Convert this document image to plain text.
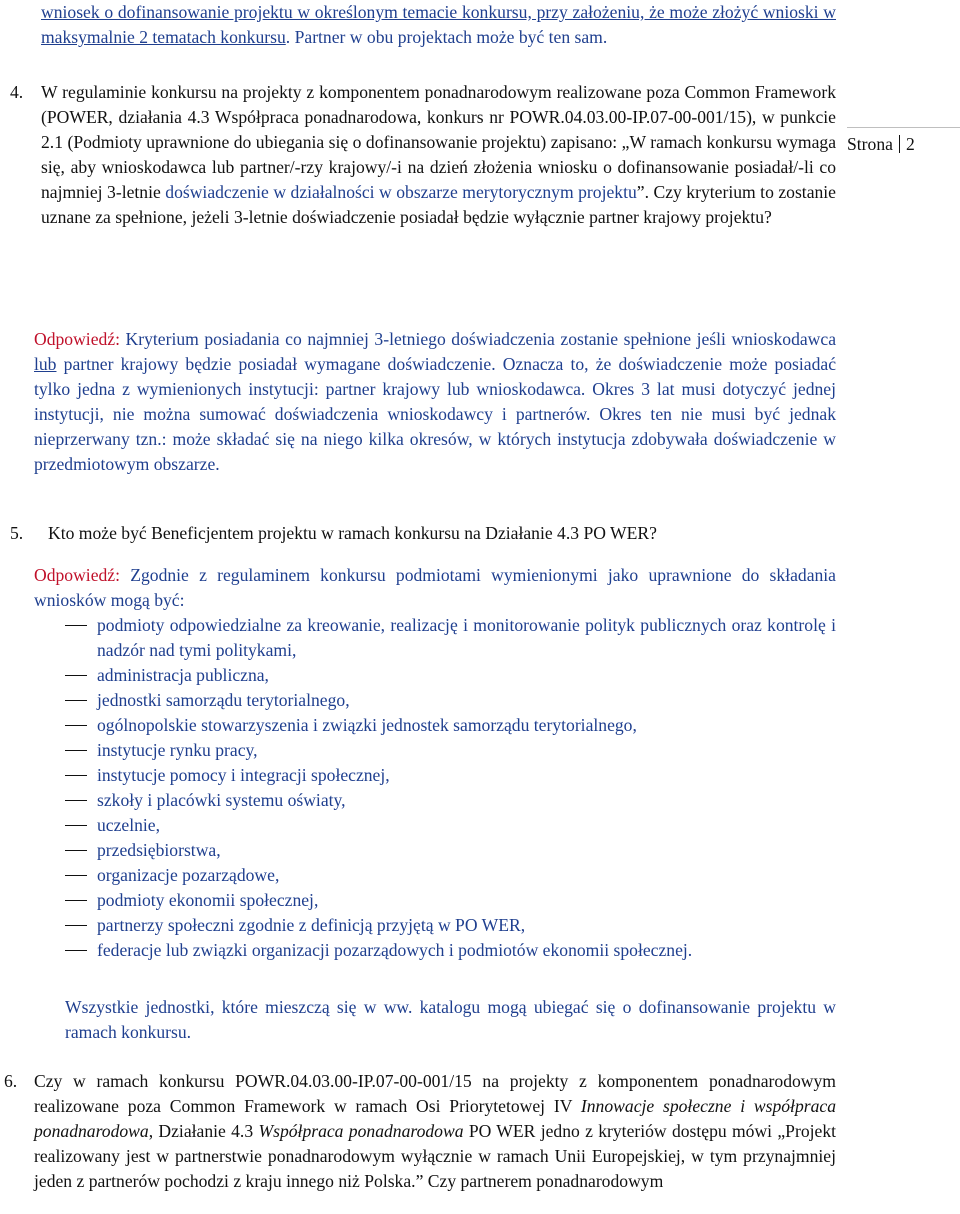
wniosek o dofinansowanie projektu w określonym temacie konkursu, przy założeniu, że może złożyć wnioski w maksymalnie 2 tematach konkursu. Partner w obu projektach może być ten sam.
4. W regulaminie konkursu na projekty z komponentem ponadnarodowym realizowane poza Common Framework (POWER, działania 4.3 Współpraca ponadnarodowa, konkurs nr POWR.04.03.00-IP.07-00-001/15), w punkcie 2.1 (Podmioty uprawnione do ubiegania się o dofinansowanie projektu) zapisano: „W ramach konkursu wymaga się, aby wnioskodawca lub partner/-rzy krajowy/-i na dzień złożenia wniosku o dofinansowanie posiadał/-li co najmniej 3-letnie doświadczenie w działalności w obszarze merytorycznym projektu”. Czy kryterium to zostanie uznane za spełnione, jeżeli 3-letnie doświadczenie posiadał będzie wyłącznie partner krajowy projektu?

Strona 2
Odpowiedź: Kryterium posiadania co najmniej 3-letniego doświadczenia zostanie spełnione jeśli wnioskodawca lub partner krajowy będzie posiadał wymagane doświadczenie. Oznacza to, że doświadczenie może posiadać tylko jedna z wymienionych instytucji: partner krajowy lub wnioskodawca. Okres 3 lat musi dotyczyć jednej instytucji, nie można sumować doświadczenia wnioskodawcy i partnerów. Okres ten nie musi być jednak nieprzerwany tzn.: może składać się na niego kilka okresów, w których instytucja zdobywała doświadczenie w przedmiotowym obszarze.
5. Kto może być Beneficjentem projektu w ramach konkursu na Działanie 4.3 PO WER?

Odpowiedź: Zgodnie z regulaminem konkursu podmiotami wymienionymi jako uprawnione do składania wniosków mogą być:
podmioty odpowiedzialne za kreowanie, realizację i monitorowanie polityk publicznych oraz kontrolę i nadzór nad tymi politykami,
administracja publiczna,
jednostki samorządu terytorialnego,
ogólnopolskie stowarzyszenia i związki jednostek samorządu terytorialnego,
instytucje rynku pracy,
instytucje pomocy i integracji społecznej,
szkoły i placówki systemu oświaty,
uczelnie,
przedsiębiorstwa,
organizacje pozarządowe,
podmioty ekonomii społecznej,
partnerzy społeczni zgodnie z definicją przyjętą w PO WER,
federacje lub związki organizacji pozarządowych i podmiotów ekonomii społecznej.
Wszystkie jednostki, które mieszczą się w ww. katalogu mogą ubiegać się o dofinansowanie projektu w ramach konkursu.
6. Czy w ramach konkursu POWR.04.03.00-IP.07-00-001/15 na projekty z komponentem ponadnarodowym realizowane poza Common Framework w ramach Osi Priorytetowej IV Innowacje społeczne i współpraca ponadnarodowa, Działanie 4.3 Współpraca ponadnarodowa PO WER jedno z kryteriów dostępu mówi „Projekt realizowany jest w partnerstwie ponadnarodowym wyłącznie w ramach Unii Europejskiej, w tym przynajmniej jeden z partnerów pochodzi z kraju innego niż Polska.” Czy partnerem ponadnarodowym
